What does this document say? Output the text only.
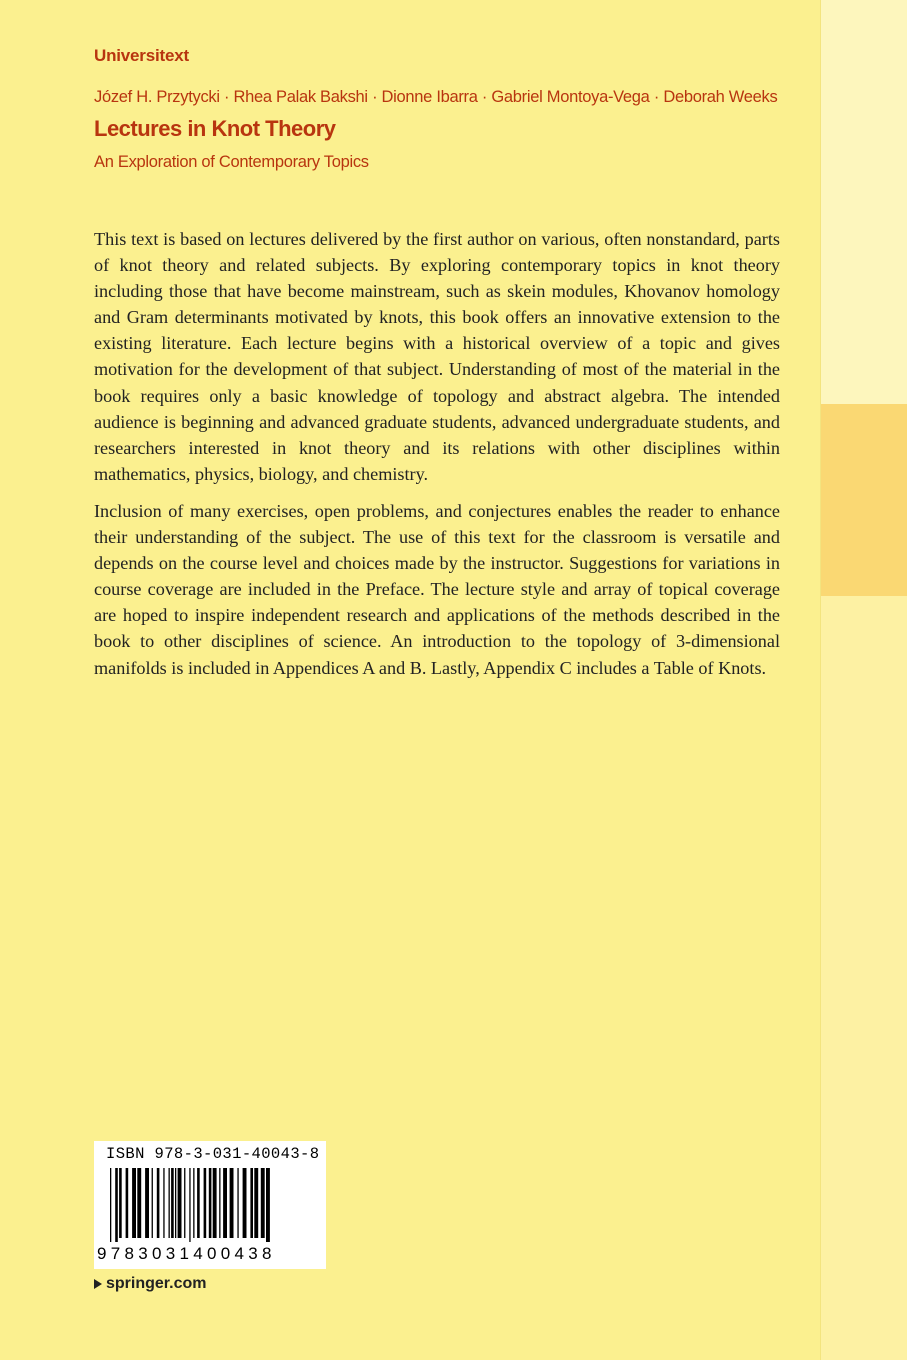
Universitext
Józef H. Przytycki · Rhea Palak Bakshi · Dionne Ibarra · Gabriel Montoya-Vega · Deborah Weeks
Lectures in Knot Theory
An Exploration of Contemporary Topics

This text is based on lectures delivered by the first author on various, often nonstandard, parts of knot theory and related subjects. By exploring contemporary topics in knot theory including those that have become mainstream, such as skein modules, Khovanov homology and Gram determinants motivated by knots, this book offers an innovative extension to the existing literature. Each lecture begins with a historical overview of a topic and gives motivation for the development of that subject. Understanding of most of the material in the book requires only a basic knowledge of topology and abstract algebra. The intended audience is beginning and advanced graduate students, advanced undergraduate students, and researchers interested in knot theory and its relations with other disciplines within mathematics, physics, biology, and chemistry.

Inclusion of many exercises, open problems, and conjectures enables the reader to enhance their understanding of the subject. The use of this text for the classroom is versatile and depends on the course level and choices made by the instructor. Suggestions for variations in course coverage are included in the Preface. The lecture style and array of topical coverage are hoped to inspire independent research and applications of the methods described in the book to other disciplines of science. An introduction to the topology of 3-dimensional manifolds is included in Appendices A and B. Lastly, Appendix C includes a Table of Knots.

ISBN 978-3-031-40043-8
9783031400438
springer.com
